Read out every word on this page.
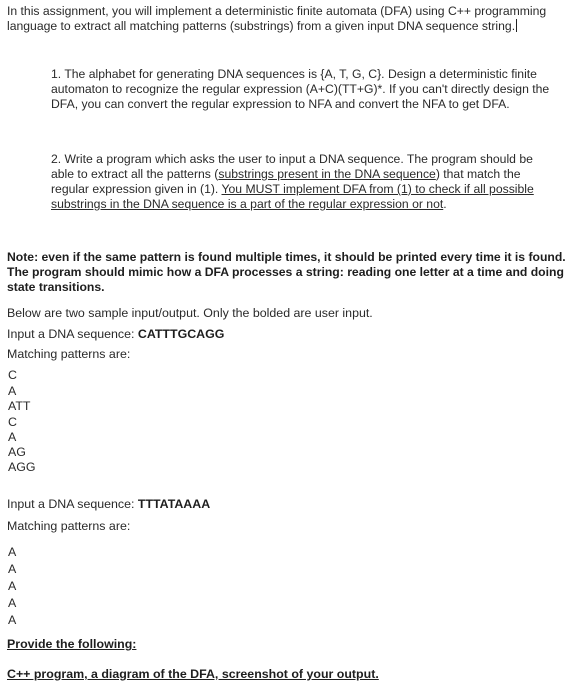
In this assignment, you will implement a deterministic finite automata (DFA) using C++ programming language to extract all matching patterns (substrings) from a given input DNA sequence string.
1. The alphabet for generating DNA sequences is {A, T, G, C}. Design a deterministic finite automaton to recognize the regular expression (A+C)(TT+G)*. If you can't directly design the DFA, you can convert the regular expression to NFA and convert the NFA to get DFA.
2. Write a program which asks the user to input a DNA sequence. The program should be able to extract all the patterns (substrings present in the DNA sequence) that match the regular expression given in (1). You MUST implement DFA from (1) to check if all possible substrings in the DNA sequence is a part of the regular expression or not.
Note: even if the same pattern is found multiple times, it should be printed every time it is found. The program should mimic how a DFA processes a string: reading one letter at a time and doing state transitions.
Below are two sample input/output. Only the bolded are user input.
Input a DNA sequence: CATTTGCAGG
Matching patterns are:
C
A
ATT
C
A
AG
AGG
Input a DNA sequence: TTTATAAAA
Matching patterns are:
A
A
A
A
A
Provide the following:
C++ program, a diagram of the DFA, screenshot of your output.
